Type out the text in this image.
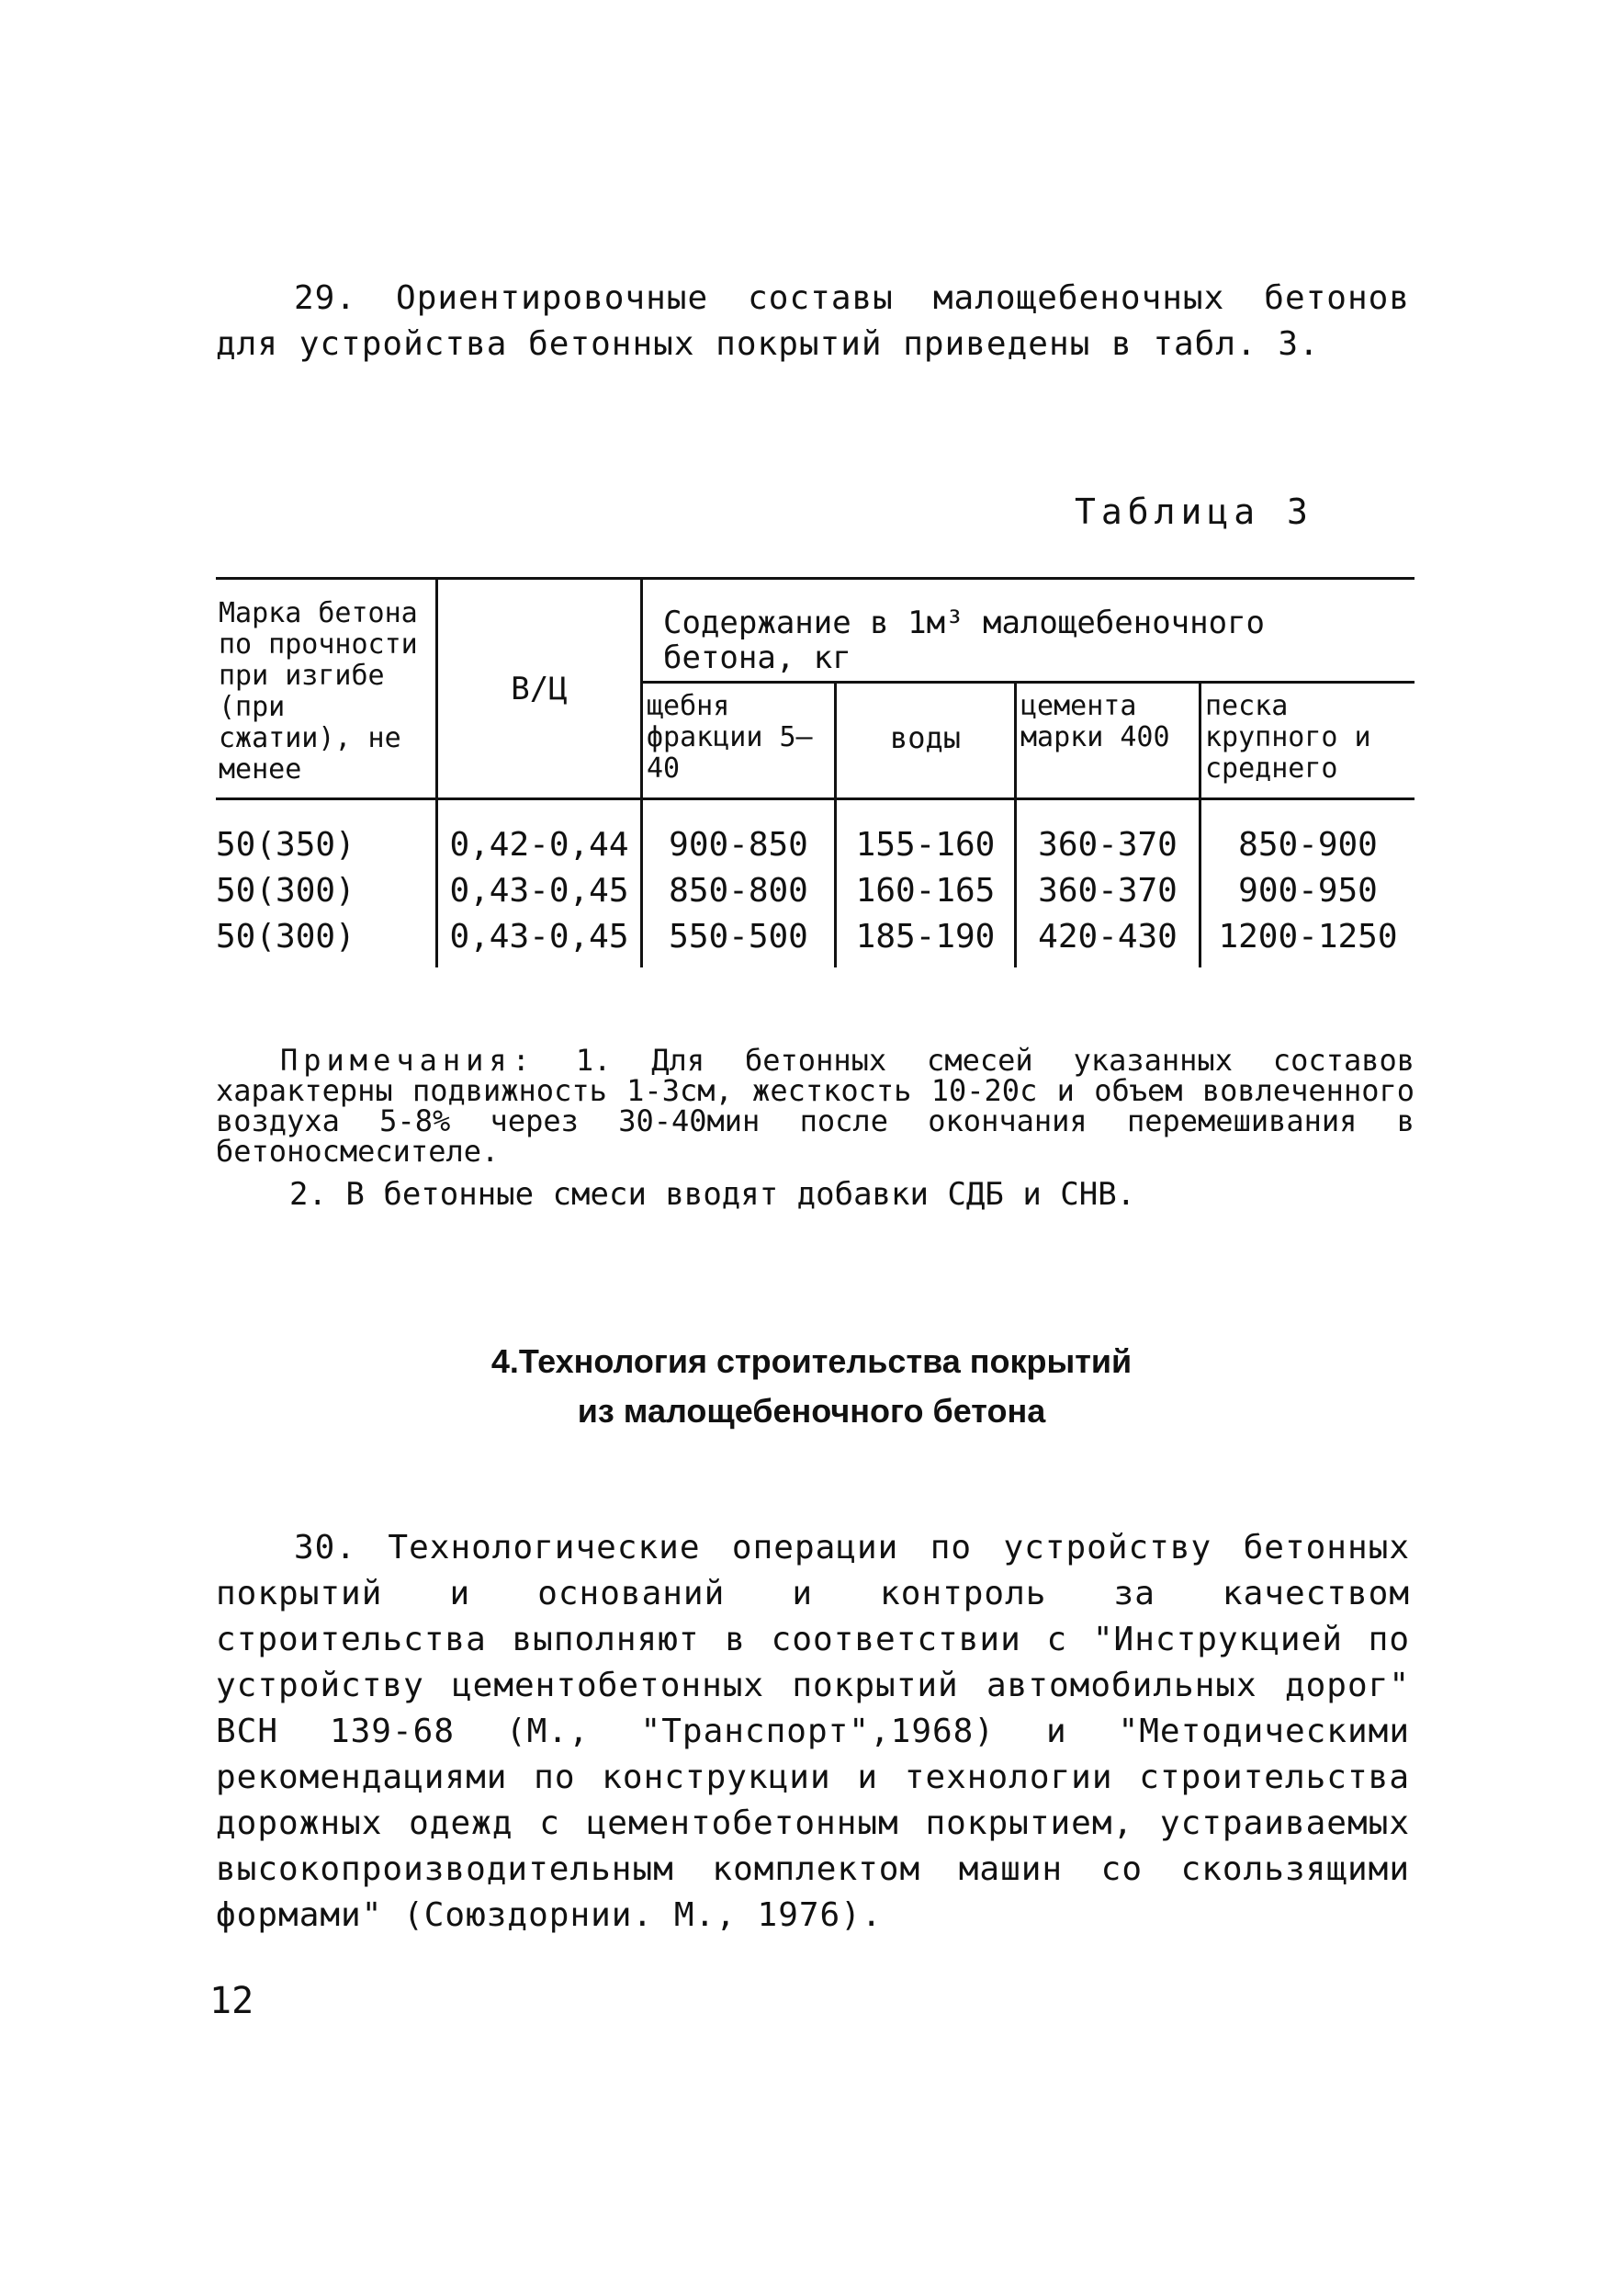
29. Ориентировочные составы малощебеночных бетонов для устройства бетонных покрытий приведены в табл. 3.

Таблица 3
Марка бетона по прочности при изгибе (при сжатии), не менее	В/Ц	Содержание в 1м³ малощебеночного бетона, кг			
		щебня фракции 5–40	воды	цемента марки 400	песка крупного и среднего
50(350)	0,42-0,44	900-850	155-160	360-370	850-900
50(300)	0,43-0,45	850-800	160-165	360-370	900-950
50(300)	0,43-0,45	550-500	185-190	420-430	1200-1250
Примечания: 1. Для бетонных смесей указанных составов характерны подвижность 1-3см, жесткость 10-20с и объем вовлеченного воздуха 5-8% через 30-40мин после окончания перемешивания в бетоносмесителе.
2. В бетонные смеси вводят добавки СДБ и СНВ.
4.Технология строительства покрытий
из малощебеночного бетона

30. Технологические операции по устройству бетонных покрытий и оснований и контроль за качеством строительства выполняют в соответствии с "Инструкцией по устройству цементобетонных покрытий автомобильных дорог" ВСН 139-68 (М., "Транспорт",1968) и "Методическими рекомендациями по конструкции и технологии строительства дорожных одежд с цементобетонным покрытием, устраиваемых высокопроизводительным комплектом машин со скользящими формами" (Союздорнии. М., 1976).

12
